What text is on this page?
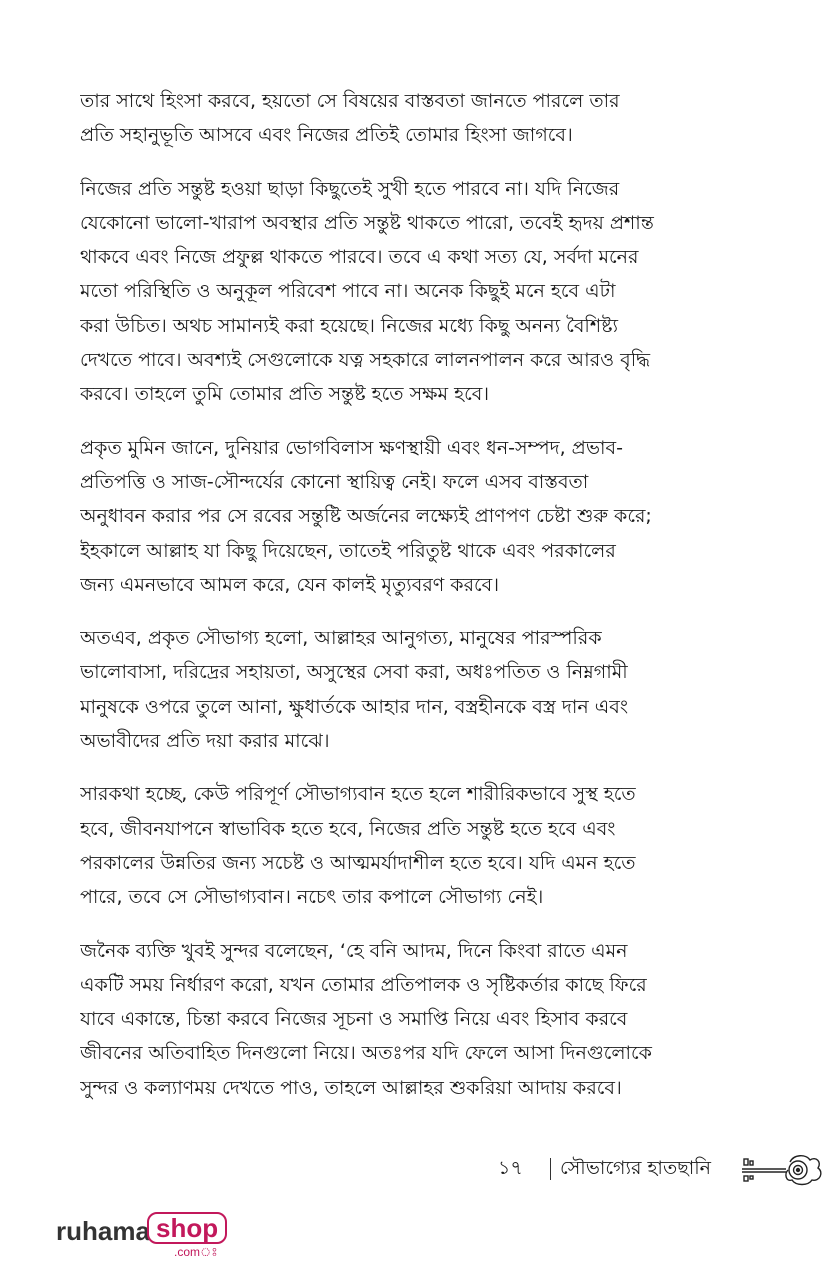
তার সাথে হিংসা করবে, হয়তো সে বিষয়ের বাস্তবতা জানতে পারলে তার
প্রতি সহানুভূতি আসবে এবং নিজের প্রতিই তোমার হিংসা জাগবে।

নিজের প্রতি সন্তুষ্ট হওয়া ছাড়া কিছুতেই সুখী হতে পারবে না। যদি নিজের
যেকোনো ভালো-খারাপ অবস্থার প্রতি সন্তুষ্ট থাকতে পারো, তবেই হৃদয় প্রশান্ত
থাকবে এবং নিজে প্রফুল্ল থাকতে পারবে। তবে এ কথা সত্য যে, সর্বদা মনের
মতো পরিস্থিতি ও অনুকূল পরিবেশ পাবে না। অনেক কিছুই মনে হবে এটা
করা উচিত। অথচ সামান্যই করা হয়েছে। নিজের মধ্যে কিছু অনন্য বৈশিষ্ট্য
দেখতে পাবে। অবশ্যই সেগুলোকে যত্ন সহকারে লালনপালন করে আরও বৃদ্ধি
করবে। তাহলে তুমি তোমার প্রতি সন্তুষ্ট হতে সক্ষম হবে।

প্রকৃত মুমিন জানে, দুনিয়ার ভোগবিলাস ক্ষণস্থায়ী এবং ধন-সম্পদ, প্রভাব-
প্রতিপত্তি ও সাজ-সৌন্দর্যের কোনো স্থায়িত্ব নেই। ফলে এসব বাস্তবতা
অনুধাবন করার পর সে রবের সন্তুষ্টি অর্জনের লক্ষ্যেই প্রাণপণ চেষ্টা শুরু করে;
ইহকালে আল্লাহ যা কিছু দিয়েছেন, তাতেই পরিতুষ্ট থাকে এবং পরকালের
জন্য এমনভাবে আমল করে, যেন কালই মৃত্যুবরণ করবে।

অতএব, প্রকৃত সৌভাগ্য হলো, আল্লাহর আনুগত্য, মানুষের পারস্পরিক
ভালোবাসা, দরিদ্রের সহায়তা, অসুস্থের সেবা করা, অধঃপতিত ও নিম্নগামী
মানুষকে ওপরে তুলে আনা, ক্ষুধার্তকে আহার দান, বস্ত্রহীনকে বস্ত্র দান এবং
অভাবীদের প্রতি দয়া করার মাঝে।

সারকথা হচ্ছে, কেউ পরিপূর্ণ সৌভাগ্যবান হতে হলে শারীরিকভাবে সুস্থ হতে
হবে, জীবনযাপনে স্বাভাবিক হতে হবে, নিজের প্রতি সন্তুষ্ট হতে হবে এবং
পরকালের উন্নতির জন্য সচেষ্ট ও আত্মমর্যাদাশীল হতে হবে। যদি এমন হতে
পারে, তবে সে সৌভাগ্যবান। নচেৎ তার কপালে সৌভাগ্য নেই।

জনৈক ব্যক্তি খুবই সুন্দর বলেছেন, ‘হে বনি আদম, দিনে কিংবা রাতে এমন
একটি সময় নির্ধারণ করো, যখন তোমার প্রতিপালক ও সৃষ্টিকর্তার কাছে ফিরে
যাবে একান্তে, চিন্তা করবে নিজের সূচনা ও সমাপ্তি নিয়ে এবং হিসাব করবে
জীবনের অতিবাহিত দিনগুলো নিয়ে। অতঃপর যদি ফেলে আসা দিনগুলোকে
সুন্দর ও কল্যাণময় দেখতে পাও, তাহলে আল্লাহর শুকরিয়া আদায় করবে।

১৭ সৌভাগ্যের হাতছানি
ruhama shop
.comঃ
